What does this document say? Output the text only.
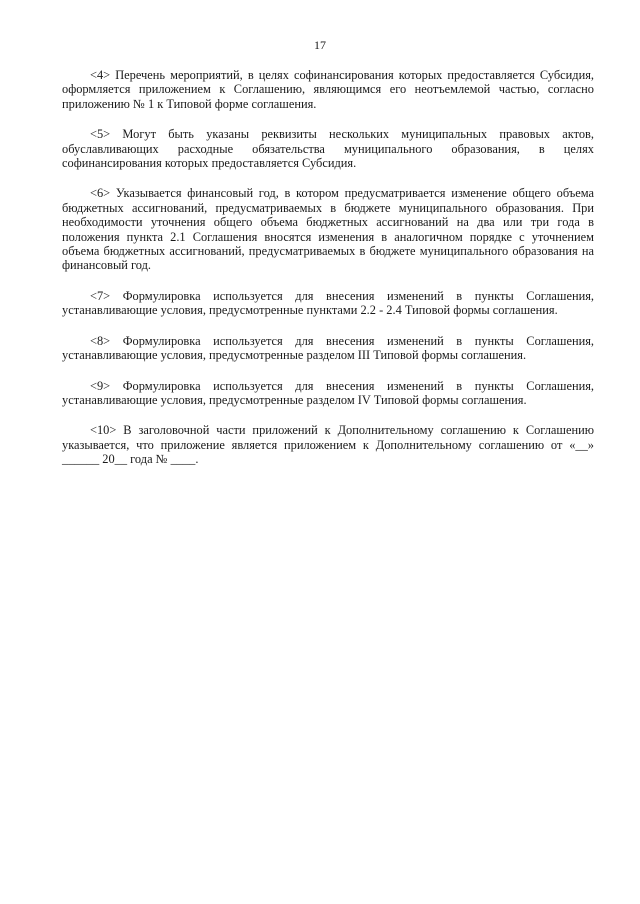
17

<4> Перечень мероприятий, в целях софинансирования которых предоставляется Субсидия, оформляется приложением к Соглашению, являющимся его неотъемлемой частью, согласно приложению № 1 к Типовой форме соглашения.

<5> Могут быть указаны реквизиты нескольких муниципальных правовых актов, обуславливающих расходные обязательства муниципального образования, в целях софинансирования которых предоставляется Субсидия.

<6> Указывается финансовый год, в котором предусматривается изменение общего объема бюджетных ассигнований, предусматриваемых в бюджете муниципального образования. При необходимости уточнения общего объема бюджетных ассигнований на два или три года в положения пункта 2.1 Соглашения вносятся изменения в аналогичном порядке с уточнением объема бюджетных ассигнований, предусматриваемых в бюджете муниципального образования на финансовый год.

<7> Формулировка используется для внесения изменений в пункты Соглашения, устанавливающие условия, предусмотренные пунктами 2.2 - 2.4 Типовой формы соглашения.

<8> Формулировка используется для внесения изменений в пункты Соглашения, устанавливающие условия, предусмотренные разделом III Типовой формы соглашения.

<9> Формулировка используется для внесения изменений в пункты Соглашения, устанавливающие условия, предусмотренные разделом IV Типовой формы соглашения.

<10> В заголовочной части приложений к Дополнительному соглашению к Соглашению указывается, что приложение является приложением к Дополнительному соглашению от «__» ______ 20__ года № ____.
